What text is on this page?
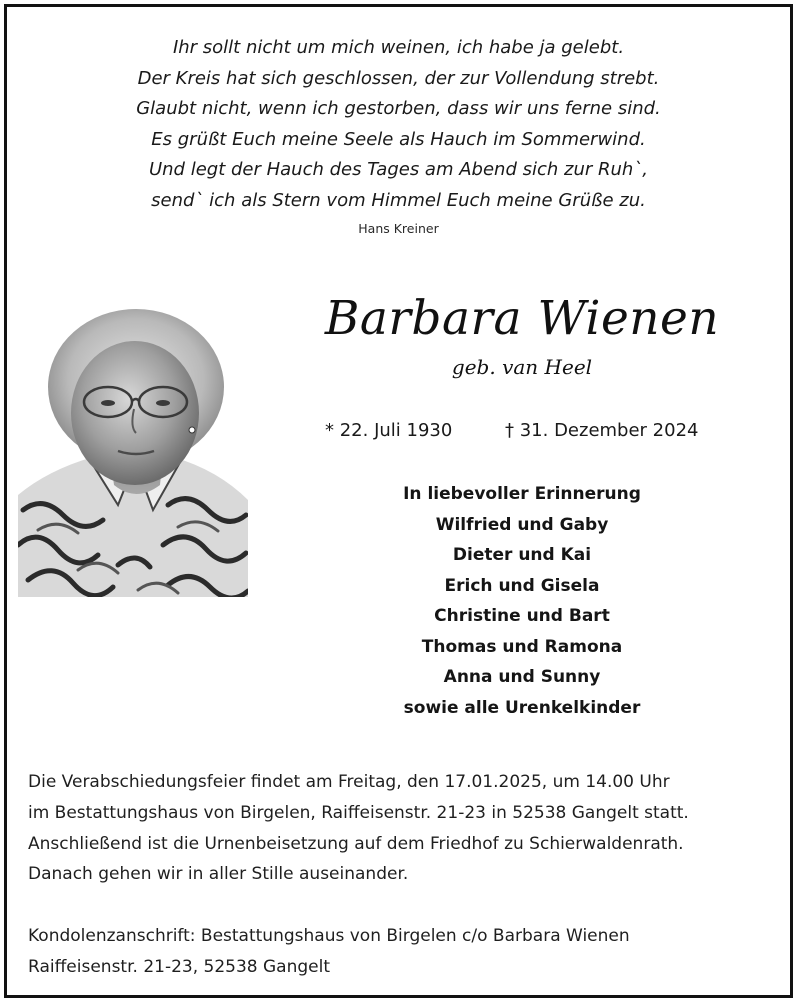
Ihr sollt nicht um mich weinen, ich habe ja gelebt.
Der Kreis hat sich geschlossen, der zur Vollendung strebt.
Glaubt nicht, wenn ich gestorben, dass wir uns ferne sind.
Es grüßt Euch meine Seele als Hauch im Sommerwind.
Und legt der Hauch des Tages am Abend sich zur Ruh`,
send` ich als Stern vom Himmel Euch meine Grüße zu.
Hans Kreiner
Barbara Wienen
geb. van Heel
* 22. Juli 1930	† 31. Dezember 2024
In liebevoller Erinnerung
Wilfried und Gaby
Dieter und Kai
Erich und Gisela
Christine und Bart
Thomas und Ramona
Anna und Sunny
sowie alle Urenkelkinder
Die Verabschiedungsfeier findet am Freitag, den 17.01.2025, um 14.00 Uhr
im Bestattungshaus von Birgelen, Raiffeisenstr. 21-23 in 52538 Gangelt statt.
Anschließend ist die Urnenbeisetzung auf dem Friedhof zu Schierwaldenrath.
Danach gehen wir in aller Stille auseinander.
Kondolenzanschrift: Bestattungshaus von Birgelen c/o Barbara Wienen
Raiffeisenstr. 21-23, 52538 Gangelt
